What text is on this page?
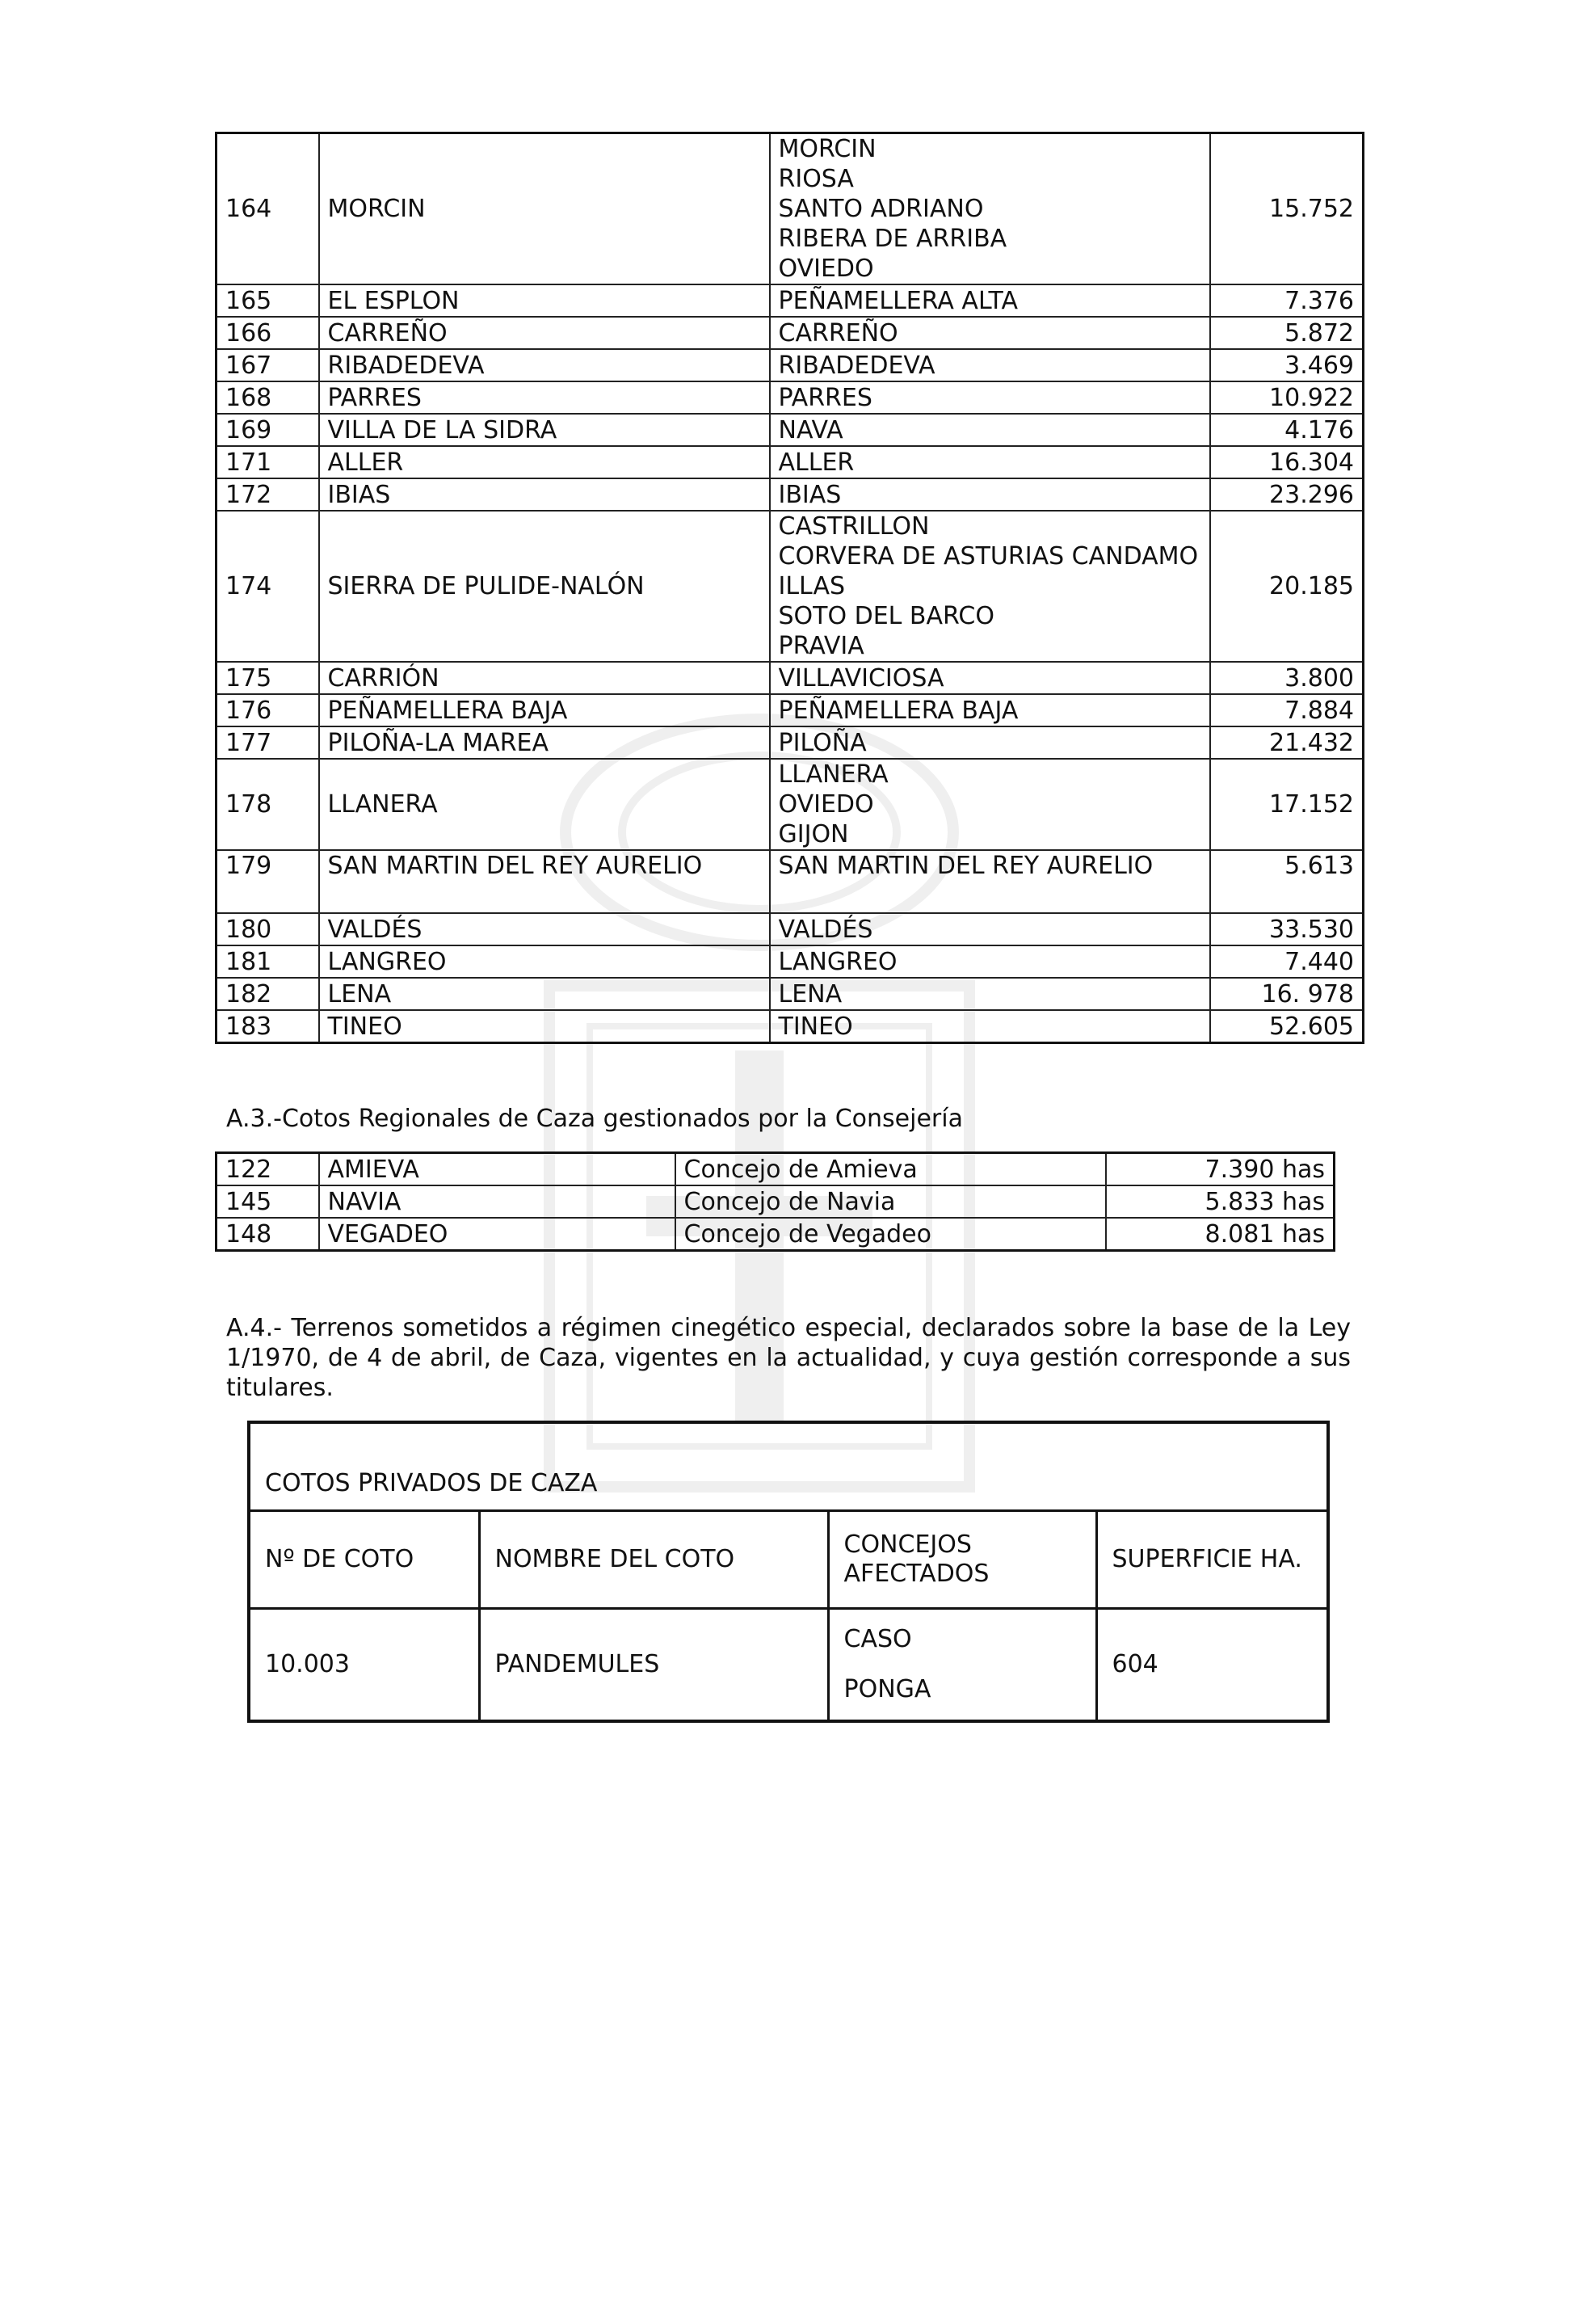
164	MORCIN	MORCIN
RIOSA
SANTO ADRIANO
RIBERA DE ARRIBA
OVIEDO	15.752
165	EL ESPLON	PEÑAMELLERA ALTA	7.376
166	CARREÑO	CARREÑO	5.872
167	RIBADEDEVA	RIBADEDEVA	3.469
168	PARRES	PARRES	10.922
169	VILLA DE LA SIDRA	NAVA	4.176
171	ALLER	ALLER	16.304
172	IBIAS	IBIAS	23.296
174	SIERRA DE PULIDE-NALÓN	CASTRILLON
CORVERA DE ASTURIAS CANDAMO
ILLAS
SOTO DEL BARCO
PRAVIA	20.185
175	CARRIÓN	VILLAVICIOSA	3.800
176	PEÑAMELLERA BAJA	PEÑAMELLERA BAJA	7.884
177	PILOÑA-LA MAREA	PILOÑA	21.432
178	LLANERA	LLANERA
OVIEDO
GIJON	17.152
179	SAN MARTIN DEL REY AURELIO	SAN MARTIN DEL REY AURELIO	5.613
180	VALDÉS	VALDÉS	33.530
181	LANGREO	LANGREO	7.440
182	LENA	LENA	16. 978
183	TINEO	TINEO	52.605
A.3.-Cotos Regionales de Caza gestionados por la Consejería
122	AMIEVA	Concejo de Amieva	7.390 has
145	NAVIA	Concejo de Navia	5.833 has
148	VEGADEO	Concejo de Vegadeo	8.081 has
A.4.- Terrenos sometidos a régimen cinegético especial, declarados sobre la base de la Ley 1/1970, de 4 de abril, de Caza, vigentes en la actualidad, y cuya gestión corresponde a sus titulares.
COTOS PRIVADOS DE CAZA			
Nº DE COTO	NOMBRE DEL COTO	CONCEJOS AFECTADOS	SUPERFICIE HA.
10.003	PANDEMULES	CASO
PONGA	604
